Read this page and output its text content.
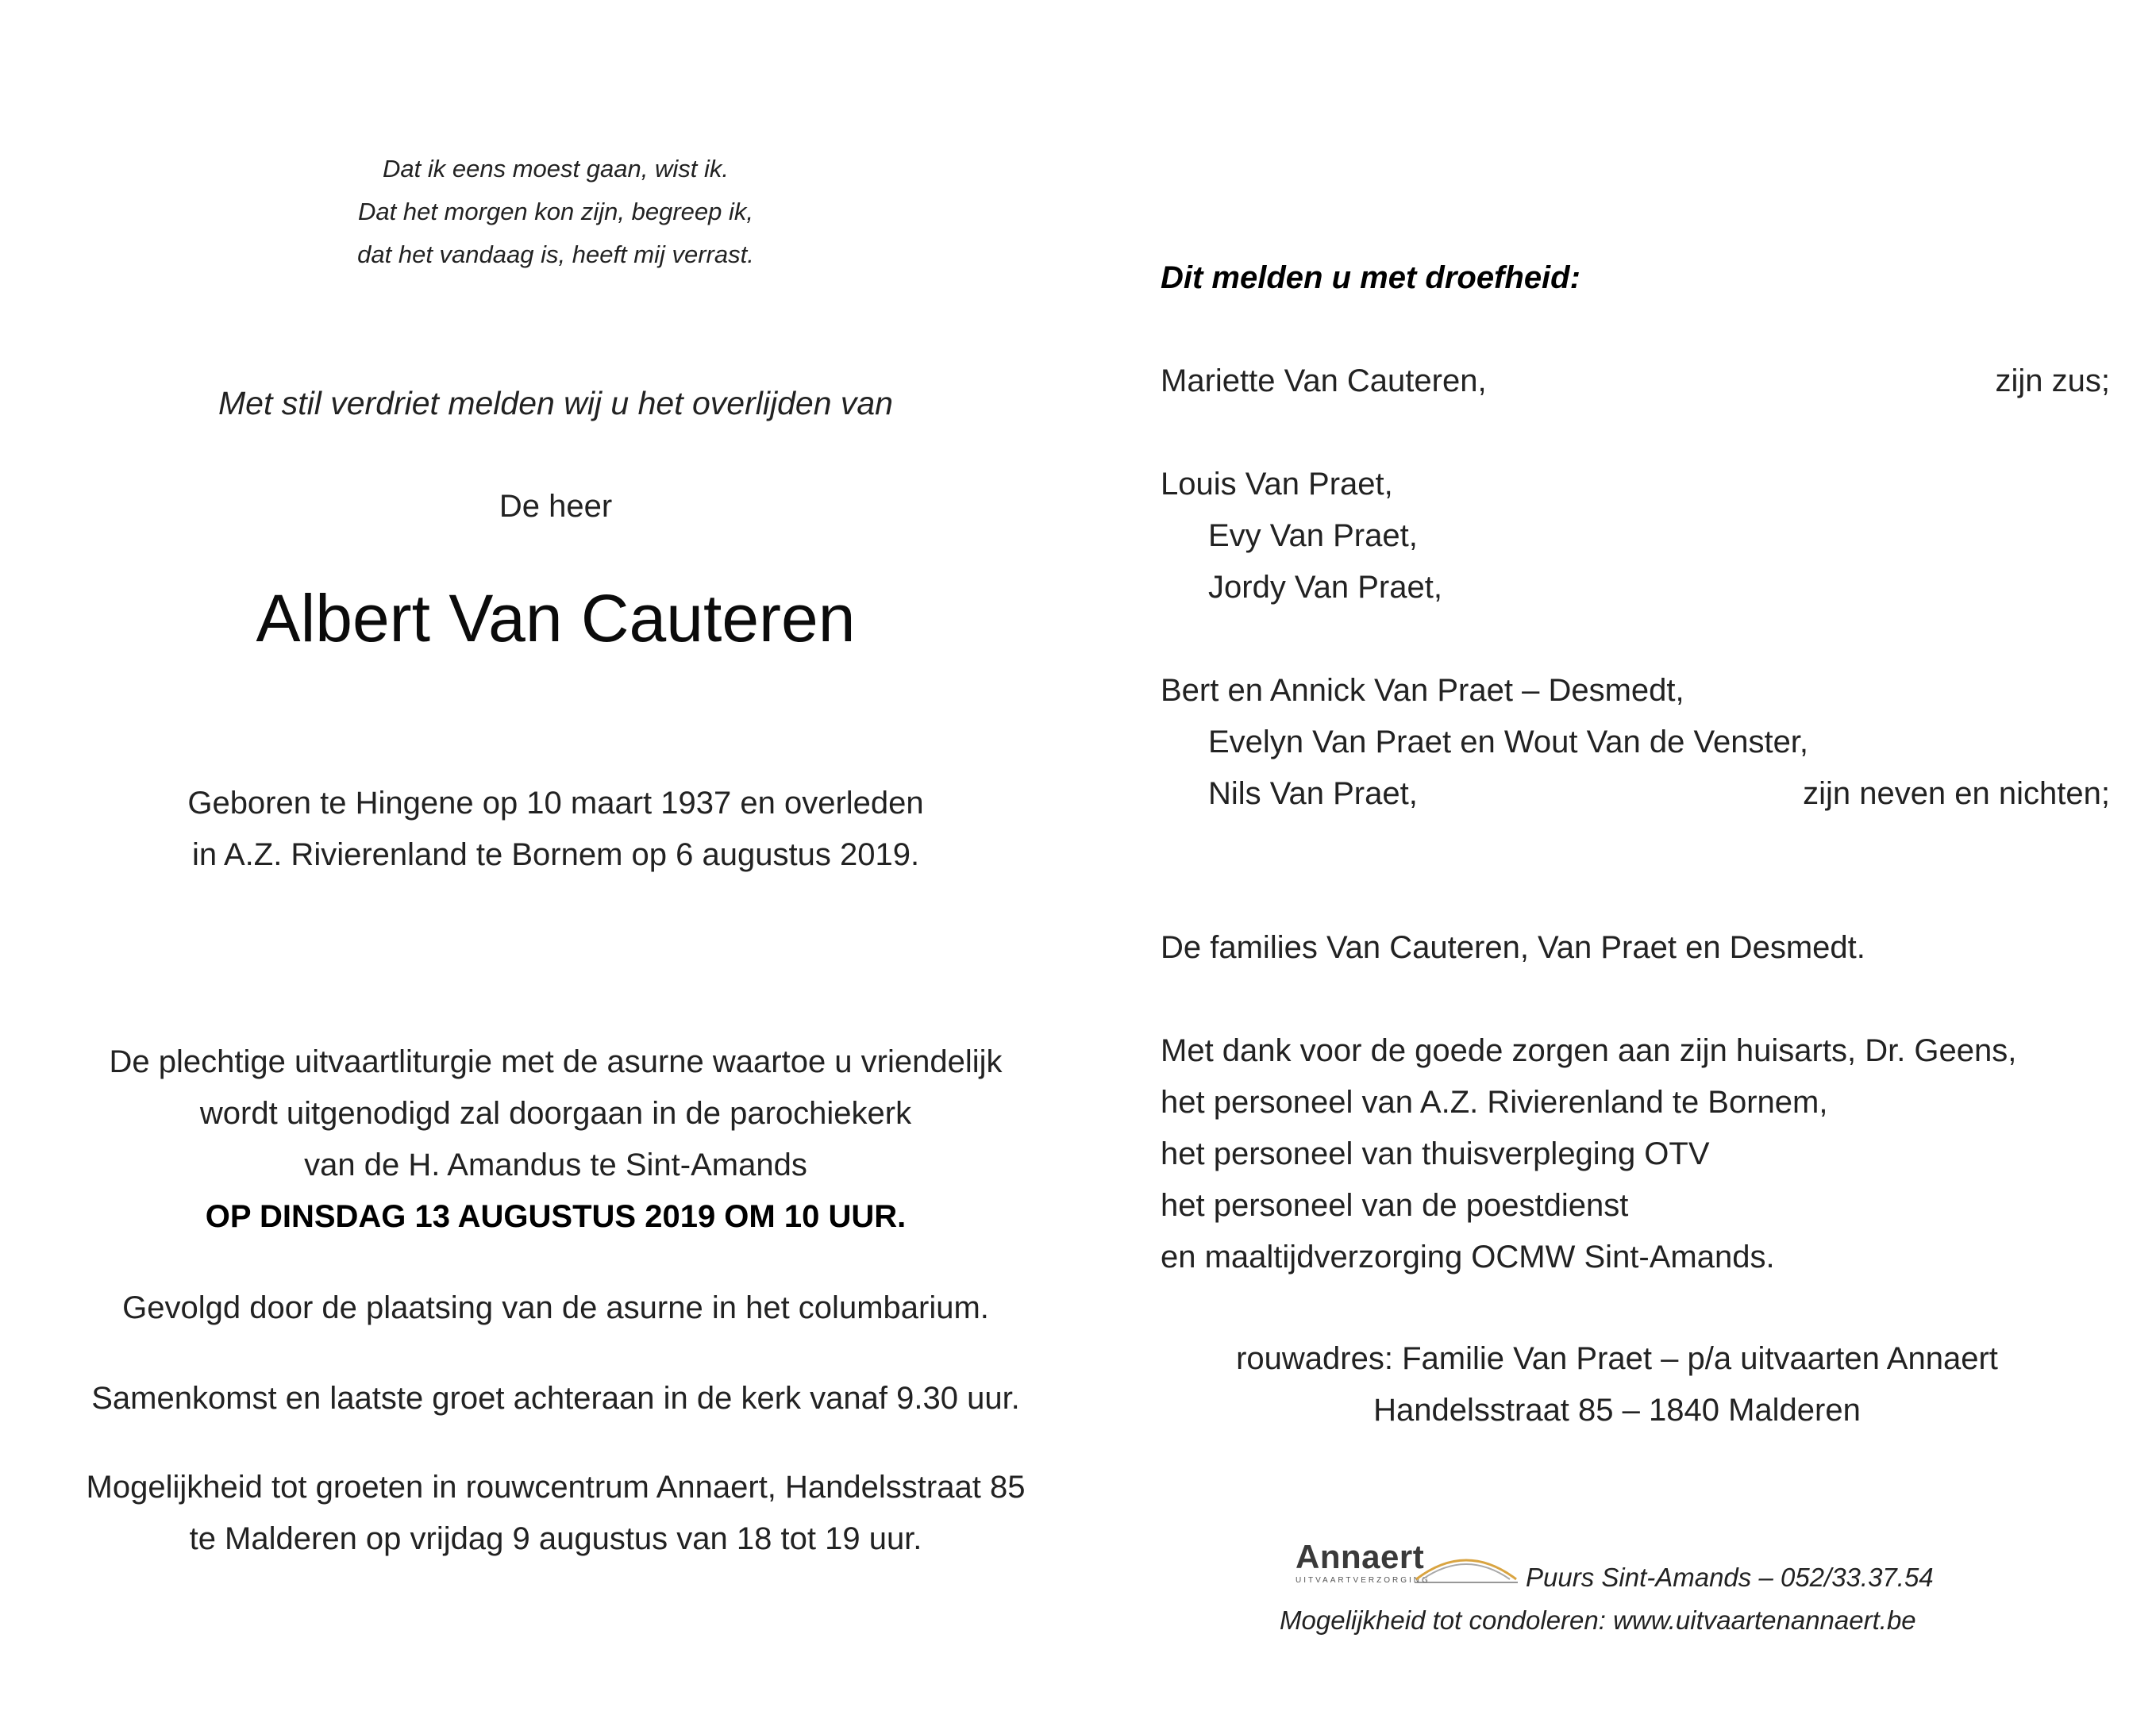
Dat ik eens moest gaan, wist ik.
Dat het morgen kon zijn, begreep ik,
dat het vandaag is, heeft mij verrast.
Met stil verdriet melden wij u het overlijden van
De heer
Albert Van Cauteren
Geboren te Hingene op 10 maart 1937 en overleden
in A.Z. Rivierenland te Bornem op 6 augustus 2019.
De plechtige uitvaartliturgie met de asurne waartoe u vriendelijk
wordt uitgenodigd zal doorgaan in de parochiekerk
van de H. Amandus te Sint-Amands
OP DINSDAG 13 AUGUSTUS 2019 OM 10 UUR.
Gevolgd door de plaatsing van de asurne in het columbarium.
Samenkomst en laatste groet achteraan in de kerk vanaf 9.30 uur.
Mogelijkheid tot groeten in rouwcentrum Annaert, Handelsstraat 85
te Malderen op vrijdag 9 augustus van 18 tot 19 uur.
Dit melden u met droefheid:
Mariette Van Cauteren,	zijn zus;
Louis Van Praet,
Evy Van Praet,
Jordy Van Praet,
Bert en Annick Van Praet – Desmedt,
Evelyn Van Praet en Wout Van de Venster,
Nils Van Praet,	zijn neven en nichten;
De families Van Cauteren, Van Praet en Desmedt.
Met dank voor de goede zorgen aan zijn huisarts, Dr. Geens,
het personeel van A.Z. Rivierenland te Bornem,
het personeel van thuisverpleging OTV
het personeel van de poestdienst
en maaltijdverzorging OCMW Sint-Amands.
rouwadres: Familie Van Praet – p/a uitvaarten Annaert
Handelsstraat 85 – 1840 Malderen
Annaert
UITVAARTVERZORGING	Puurs Sint-Amands – 052/33.37.54
Mogelijkheid tot condoleren: www.uitvaartenannaert.be
